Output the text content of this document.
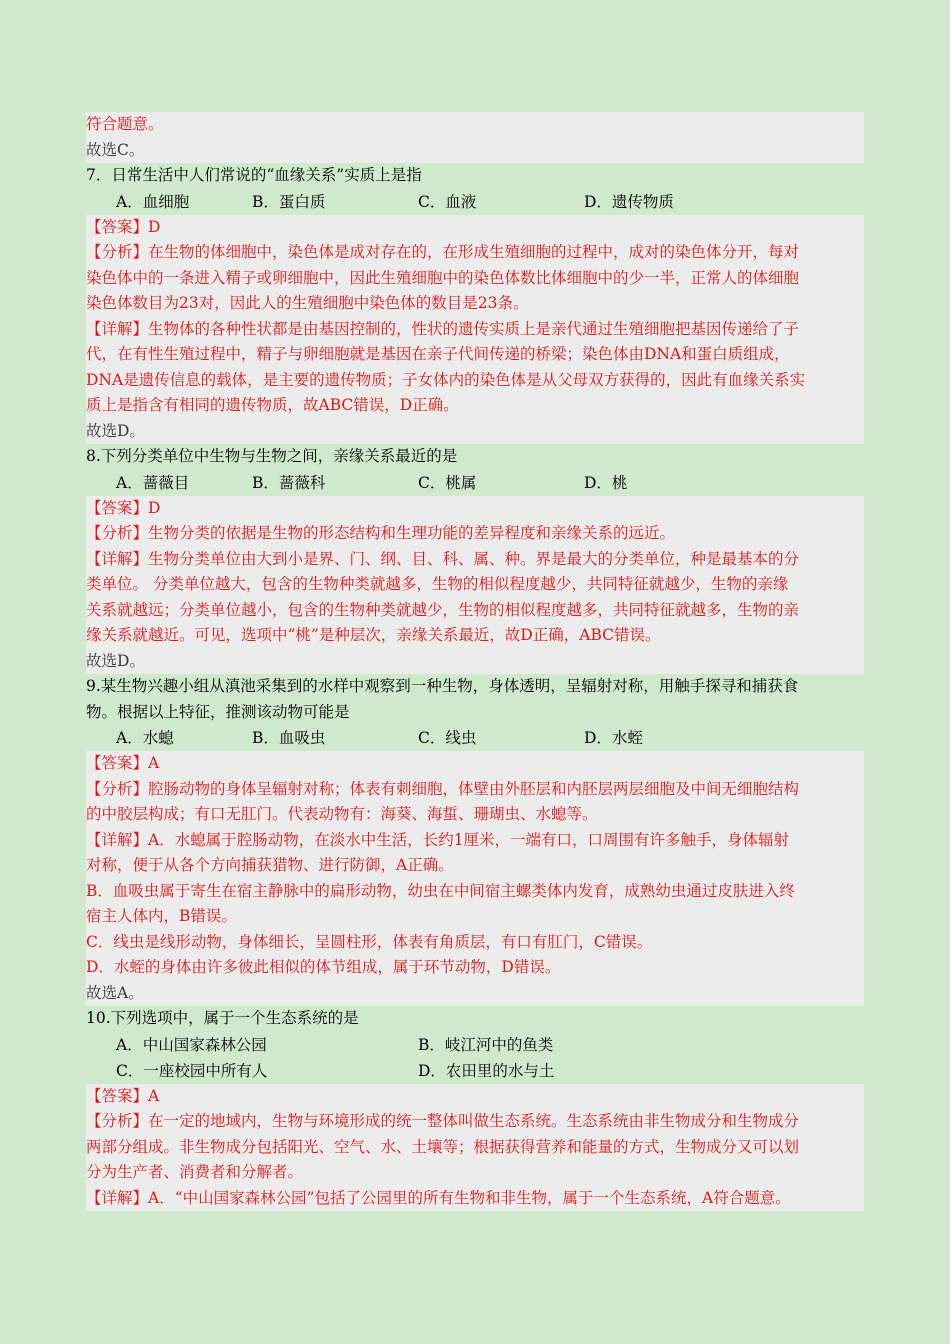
符合题意。
故选C。
7．日常生活中人们常说的“血缘关系”实质上是指
A．血细胞	B．蛋白质	C．血液	D．遗传物质
【答案】D
【分析】在生物的体细胞中，染色体是成对存在的，在形成生殖细胞的过程中，成对的染色体分开，每对
染色体中的一条进入精子或卵细胞中，因此生殖细胞中的染色体数比体细胞中的少一半，正常人的体细胞
染色体数目为23对，因此人的生殖细胞中染色体的数目是23条。
【详解】生物体的各种性状都是由基因控制的，性状的遗传实质上是亲代通过生殖细胞把基因传递给了子
代，在有性生殖过程中，精子与卵细胞就是基因在亲子代间传递的桥梁；染色体由DNA和蛋白质组成，
DNA是遗传信息的载体，是主要的遗传物质；子女体内的染色体是从父母双方获得的，因此有血缘关系实
质上是指含有相同的遗传物质，故ABC错误，D正确。
故选D。
8.下列分类单位中生物与生物之间，亲缘关系最近的是
A．蔷薇目	B．蔷薇科	C．桃属	D．桃
【答案】D
【分析】生物分类的依据是生物的形态结构和生理功能的差异程度和亲缘关系的远近。
【详解】生物分类单位由大到小是界、门、纲、目、科、属、种。界是最大的分类单位，种是最基本的分
类单位。 分类单位越大，包含的生物种类就越多，生物的相似程度越少，共同特征就越少，生物的亲缘
关系就越远；分类单位越小，包含的生物种类就越少，生物的相似程度越多，共同特征就越多，生物的亲
缘关系就越近。可见，选项中“桃”是种层次，亲缘关系最近，故D正确，ABC错误。
故选D。
9.某生物兴趣小组从滇池采集到的水样中观察到一种生物，身体透明，呈辐射对称，用触手探寻和捕获食
物。根据以上特征，推测该动物可能是
A．水螅	B．血吸虫	C．线虫	D．水蛭
【答案】A
【分析】腔肠动物的身体呈辐射对称；体表有刺细胞，体壁由外胚层和内胚层两层细胞及中间无细胞结构
的中胶层构成；有口无肛门。代表动物有：海葵、海蜇、珊瑚虫、水螅等。
【详解】A．水螅属于腔肠动物，在淡水中生活，长约1厘米，一端有口，口周围有许多触手，身体辐射
对称，便于从各个方向捕获猎物、进行防御，A正确。
B．血吸虫属于寄生在宿主静脉中的扁形动物，幼虫在中间宿主螺类体内发育，成熟幼虫通过皮肤进入终
宿主人体内，B错误。
C．线虫是线形动物，身体细长，呈圆柱形，体表有角质层，有口有肛门，C错误。
D．水蛭的身体由许多彼此相似的体节组成，属于环节动物，D错误。
故选A。
10.下列选项中，属于一个生态系统的是
A．中山国家森林公园	B．岐江河中的鱼类
C．一座校园中所有人	D．农田里的水与土
【答案】A
【分析】在一定的地域内，生物与环境形成的统一整体叫做生态系统。生态系统由非生物成分和生物成分
两部分组成。非生物成分包括阳光、空气、水、土壤等；根据获得营养和能量的方式，生物成分又可以划
分为生产者、消费者和分解者。
【详解】A．“中山国家森林公园”包括了公园里的所有生物和非生物，属于一个生态系统，A符合题意。
